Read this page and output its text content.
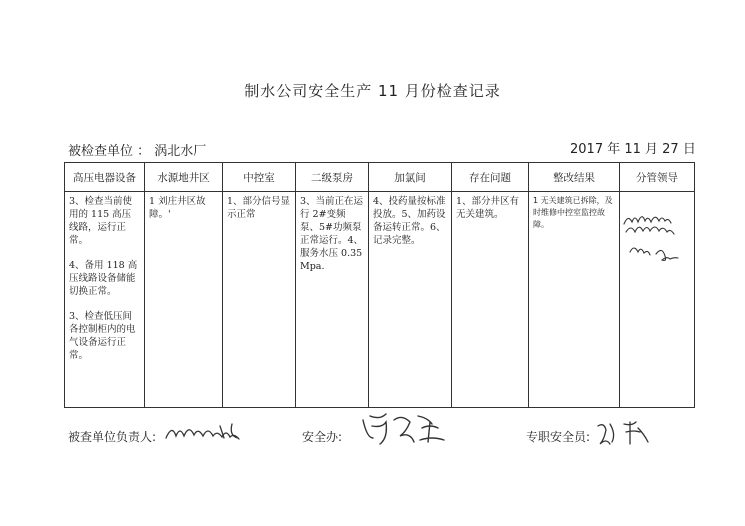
制水公司安全生产 11 月份检查记录
被检查单位 ： 涡北水厂	2017 年 11 月 27 日
高压电器设备	水源地井区	中控室	二级泵房	加氯间	存在问题	整改结果	分管领导

3、检查当前使用的 115 高压线路，运行正常。
4、备用 118 高压线路设备储能切换正常。
3、检查低压间各控制柜内的电气设备运行正常。	1 刘庄井区故障。'	1、部分信号显示正常	3、当前正在运行 2#变频泵、5#功频泵正常运行。4、服务水压 0.35Mpa.	4、投药量按标准投放。5、加药设备运转正常。6、记录完整。	1、部分井区有无关建筑。	1 无关建筑已拆除，及时维修中控室监控故障。	
被查单位负责人:	安全办:	专职安全员:
